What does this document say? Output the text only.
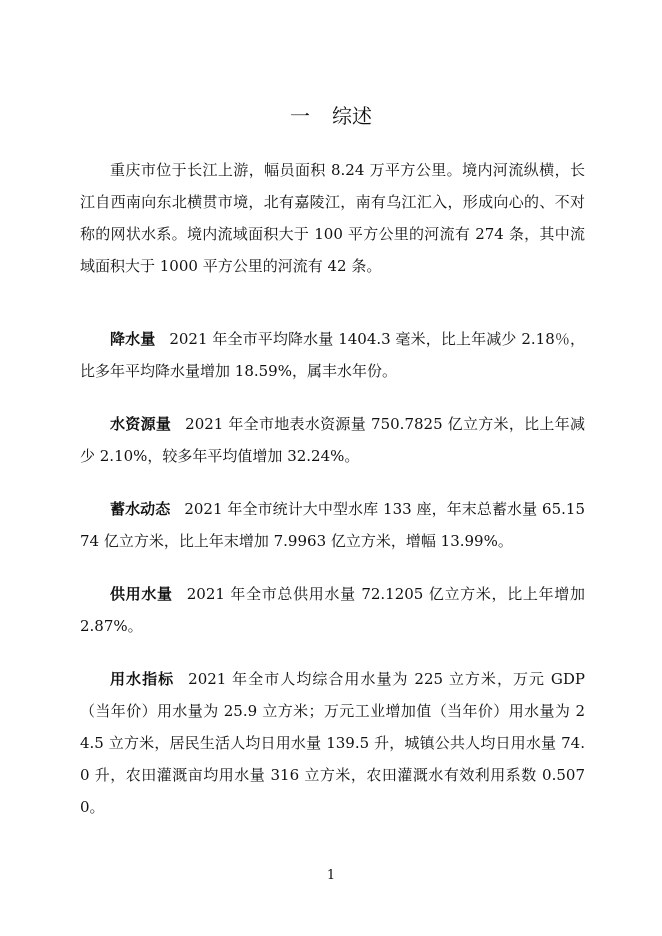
一 综述

重庆市位于长江上游，幅员面积 8.24 万平方公里。境内河流纵横，长江自西南向东北横贯市境，北有嘉陵江，南有乌江汇入，形成向心的、不对称的网状水系。境内流域面积大于 100 平方公里的河流有 274 条，其中流域面积大于 1000 平方公里的河流有 42 条。

降水量 2021 年全市平均降水量 1404.3 毫米，比上年减少 2.18％，比多年平均降水量增加 18.59%，属丰水年份。

水资源量 2021 年全市地表水资源量 750.7825 亿立方米，比上年减少 2.10%，较多年平均值增加 32.24%。

蓄水动态 2021 年全市统计大中型水库 133 座，年末总蓄水量 65.1574 亿立方米，比上年末增加 7.9963 亿立方米，增幅 13.99%。

供用水量 2021 年全市总供用水量 72.1205 亿立方米，比上年增加 2.87%。

用水指标 2021 年全市人均综合用水量为 225 立方米，万元 GDP（当年价）用水量为 25.9 立方米；万元工业增加值（当年价）用水量为 24.5 立方米，居民生活人均日用水量 139.5 升，城镇公共人均日用水量 74.0 升，农田灌溉亩均用水量 316 立方米，农田灌溉水有效利用系数 0.5070。

1
